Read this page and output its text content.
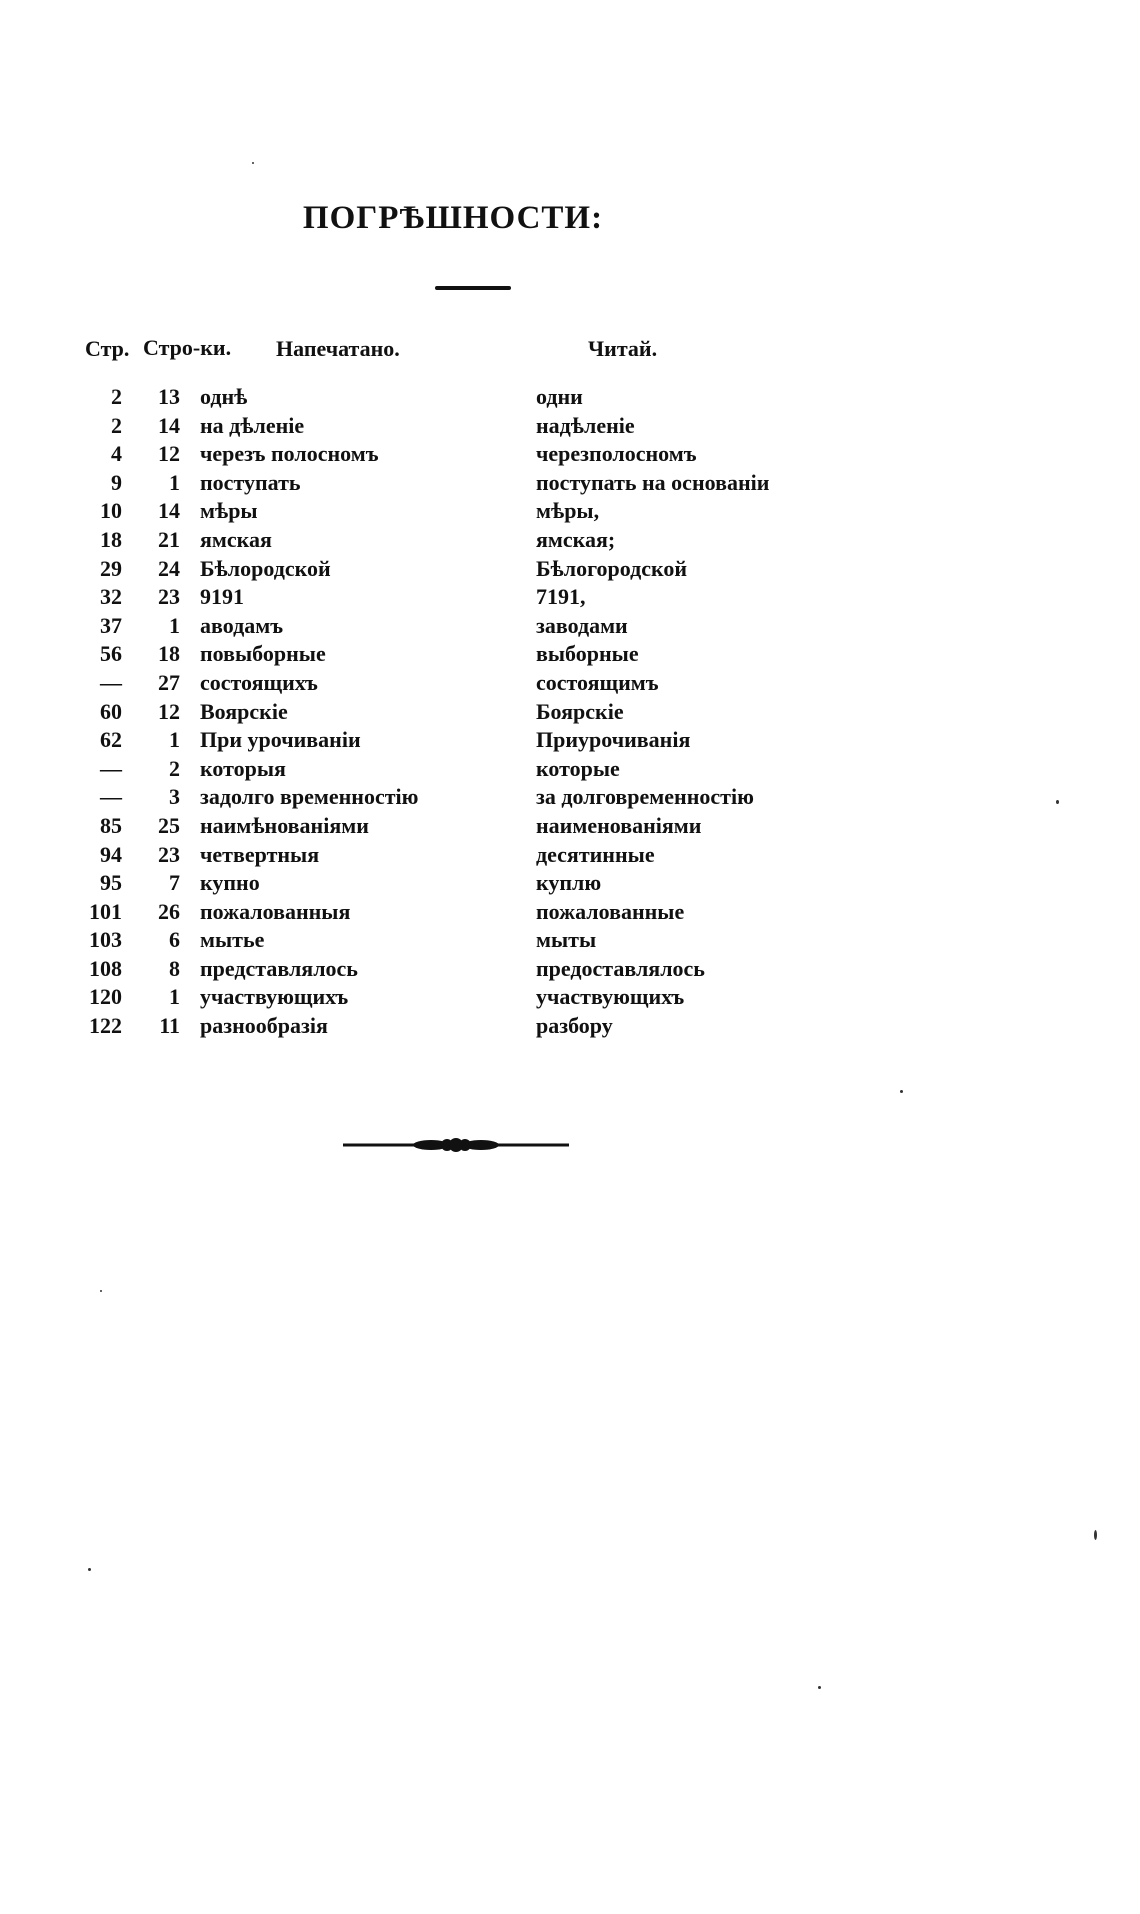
ПОГРѢШНОСТИ:
Стр. Стро-ки. Напечатано.	Читай.
2	13 однѣ	одни
2	14 на дѣленіе	надѣленіе
4	12 черезъ полосномъ	черезполосномъ
9	1 поступать	поступать на основаніи
10	14 мѣры	мѣры,
18	21 ямская	ямская;
29	24 Бѣлородской	Бѣлогородской
32	23 9191	7191,
37	1 аводамъ	заводами
56	18 повыборные	выборные
—	27 состоящихъ	состоящимъ
60	12 Воярскіе	Боярскіе
62	1 При урочиваніи	Приурочиванія
—	2 которыя	которые
—	3 задолго временностію	за долговременностію
85	25 наимѣнованіями	наименованіями
94	23 четвертныя	десятинные
95	7 купно	куплю
101	26 пожалованныя	пожалованные
103	6 мытье	мыты
108	8 представлялось	предоставлялось
120	1 участвующихъ	участвующихъ
122	11 разнообразія	разбору
